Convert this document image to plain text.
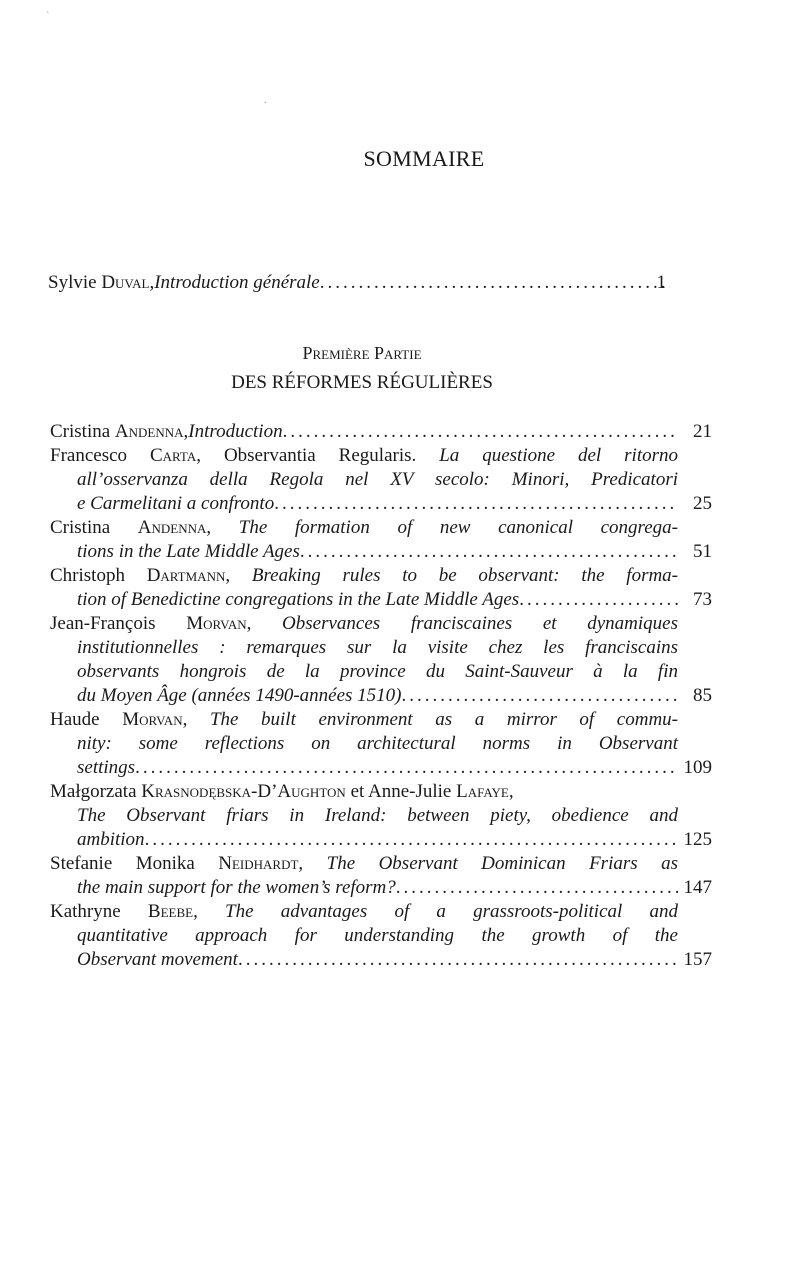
`
.
SOMMAIRE
Sylvie Duval, Introduction générale .....	1
Première Partie
DES RÉFORMES RÉGULIÈRES
Cristina Andenna, Introduction .....	21
Francesco Carta, Observantia Regularis. La questione del ritorno
all’osservanza della Regola nel XV secolo: Minori, Predicatori
e Carmelitani a confronto .....	25
Cristina Andenna, The formation of new canonical congrega-
tions in the Late Middle Ages .....	51
Christoph Dartmann, Breaking rules to be observant: the forma-
tion of Benedictine congregations in the Late Middle Ages .....	73
Jean-François Morvan, Observances franciscaines et dynamiques
institutionnelles : remarques sur la visite chez les franciscains
observants hongrois de la province du Saint-Sauveur à la fin
du Moyen Âge (années 1490-années 1510) .....	85
Haude Morvan, The built environment as a mirror of commu-
nity: some reflections on architectural norms in Observant
settings .....	109
Małgorzata Krasnodębska-D’Aughton et Anne-Julie Lafaye,
The Observant friars in Ireland: between piety, obedience and
ambition .....	125
Stefanie Monika Neidhardt, The Observant Dominican Friars as
the main support for the women’s reform? .....	147
Kathryne Beebe, The advantages of a grassroots-political and
quantitative approach for understanding the growth of the
Observant movement .....	157
